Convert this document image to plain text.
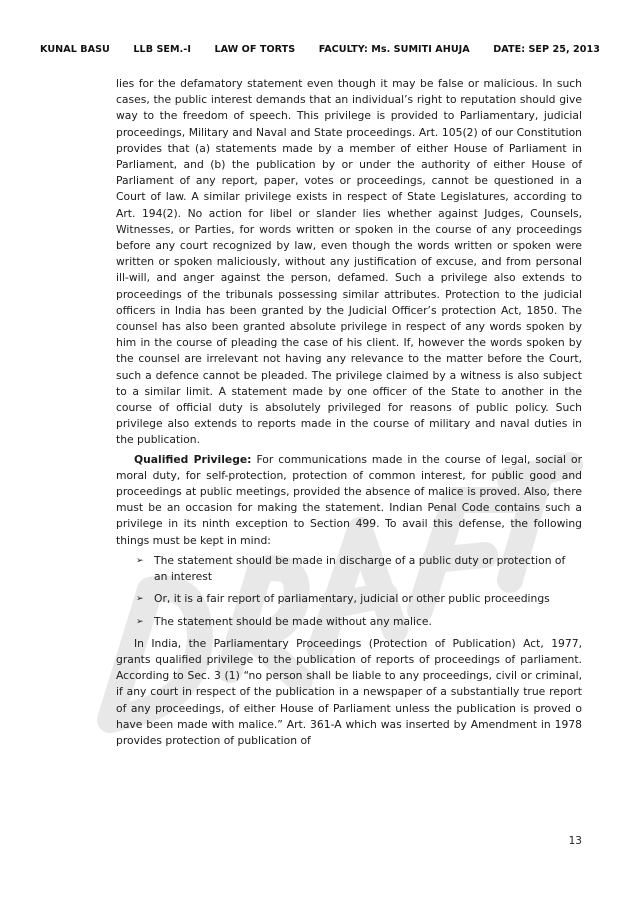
KUNAL BASU LLB SEM.-I LAW OF TORTS FACULTY: Ms. SUMITI AHUJA DATE: SEP 25, 2013

lies for the defamatory statement even though it may be false or malicious. In such cases, the public interest demands that an individual’s right to reputation should give way to the freedom of speech. This privilege is provided to Parliamentary, judicial proceedings, Military and Naval and State proceedings. Art. 105(2) of our Constitution provides that (a) statements made by a member of either House of Parliament in Parliament, and (b) the publication by or under the authority of either House of Parliament of any report, paper, votes or proceedings, cannot be questioned in a Court of law. A similar privilege exists in respect of State Legislatures, according to Art. 194(2). No action for libel or slander lies whether against Judges, Counsels, Witnesses, or Parties, for words written or spoken in the course of any proceedings before any court recognized by law, even though the words written or spoken were written or spoken maliciously, without any justification of excuse, and from personal ill-will, and anger against the person, defamed. Such a privilege also extends to proceedings of the tribunals possessing similar attributes. Protection to the judicial officers in India has been granted by the Judicial Officer’s protection Act, 1850. The counsel has also been granted absolute privilege in respect of any words spoken by him in the course of pleading the case of his client. If, however the words spoken by the counsel are irrelevant not having any relevance to the matter before the Court, such a defence cannot be pleaded. The privilege claimed by a witness is also subject to a similar limit. A statement made by one officer of the State to another in the course of official duty is absolutely privileged for reasons of public policy. Such privilege also extends to reports made in the course of military and naval duties in the publication.

Qualified Privilege: For communications made in the course of legal, social or moral duty, for self-protection, protection of common interest, for public good and proceedings at public meetings, provided the absence of malice is proved. Also, there must be an occasion for making the statement. Indian Penal Code contains such a privilege in its ninth exception to Section 499. To avail this defense, the following things must be kept in mind:

➢ The statement should be made in discharge of a public duty or protection of an interest
➢ Or, it is a fair report of parliamentary, judicial or other public proceedings
➢ The statement should be made without any malice.

In India, the Parliamentary Proceedings (Protection of Publication) Act, 1977, grants qualified privilege to the publication of reports of proceedings of parliament. According to Sec. 3 (1) “no person shall be liable to any proceedings, civil or criminal, if any court in respect of the publication in a newspaper of a substantially true report of any proceedings, of either House of Parliament unless the publication is proved o have been made with malice.” Art. 361-A which was inserted by Amendment in 1978 provides protection of publication of

13
